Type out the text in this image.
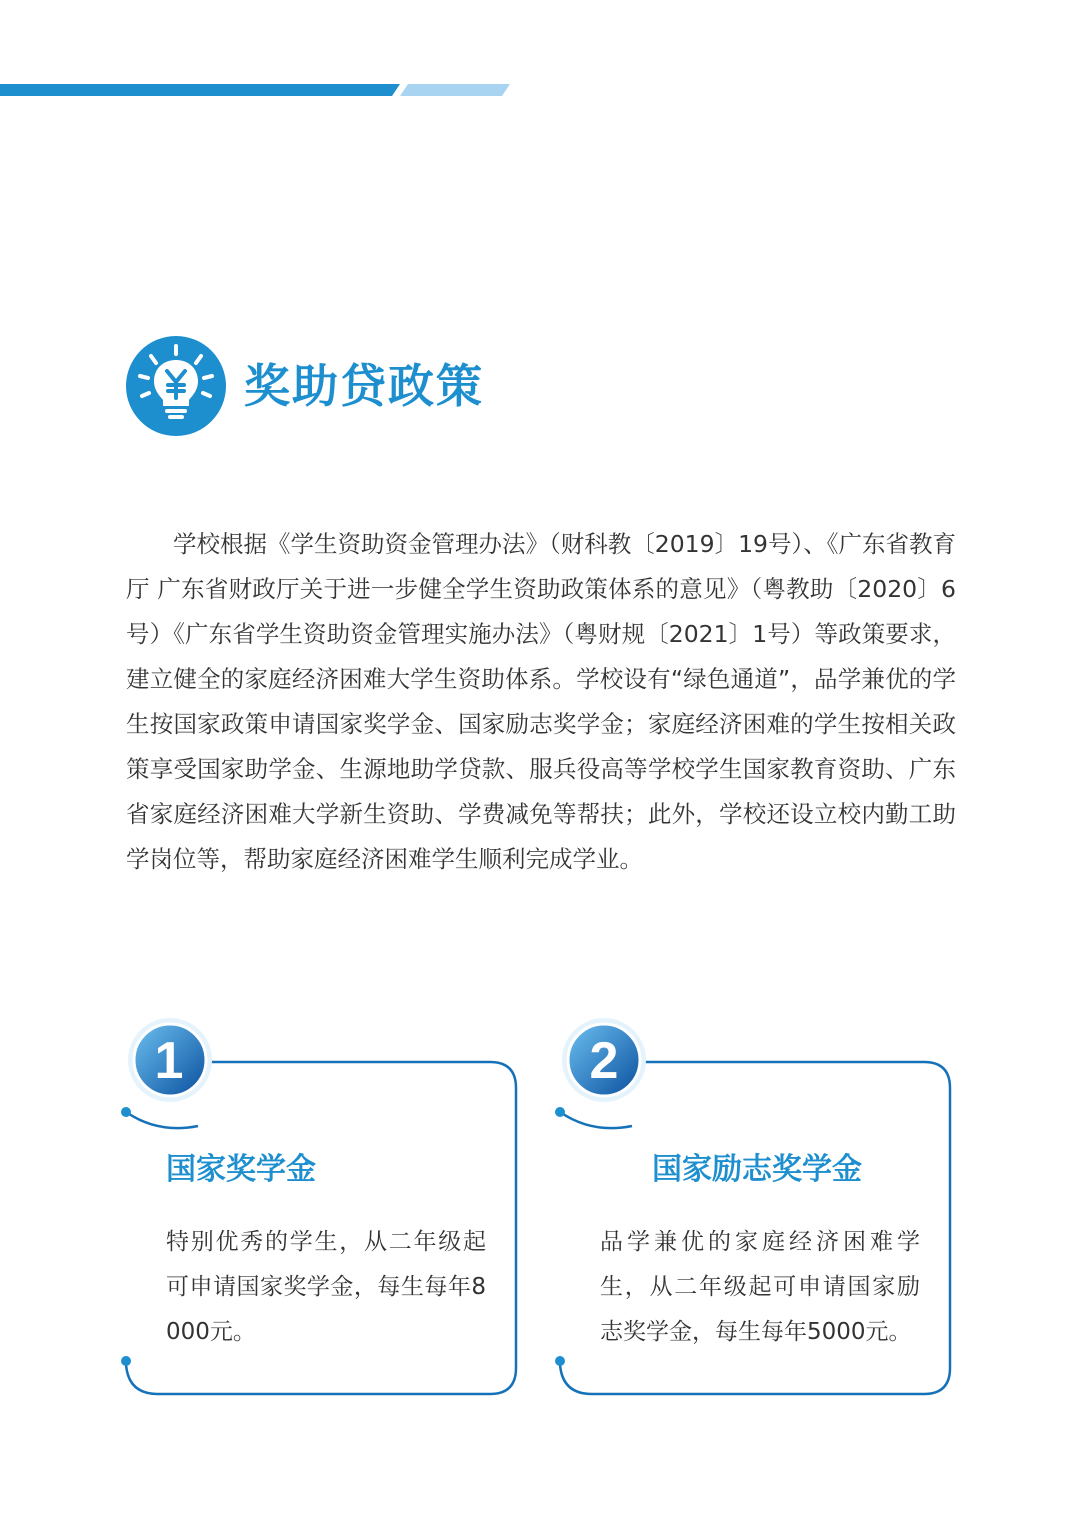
奖助贷政策

学校根据《学生资助资金管理办法》（财科教〔2019〕19号）、《广东省教育厅 广东省财政厅关于进一步健全学生资助政策体系的意见》（粤教助〔2020〕6号）《广东省学生资助资金管理实施办法》（粤财规〔2021〕1号）等政策要求，建立健全的家庭经济困难大学生资助体系。学校设有“绿色通道”，品学兼优的学生按国家政策申请国家奖学金、国家励志奖学金；家庭经济困难的学生按相关政策享受国家助学金、生源地助学贷款、服兵役高等学校学生国家教育资助、广东省家庭经济困难大学新生资助、学费减免等帮扶；此外，学校还设立校内勤工助学岗位等，帮助家庭经济困难学生顺利完成学业。

1
国家奖学金

特别优秀的学生，从二年级起可申请国家奖学金，每生每年8000元。

2
国家励志奖学金

品学兼优的家庭经济困难学生，从二年级起可申请国家励志奖学金，每生每年5000元。
